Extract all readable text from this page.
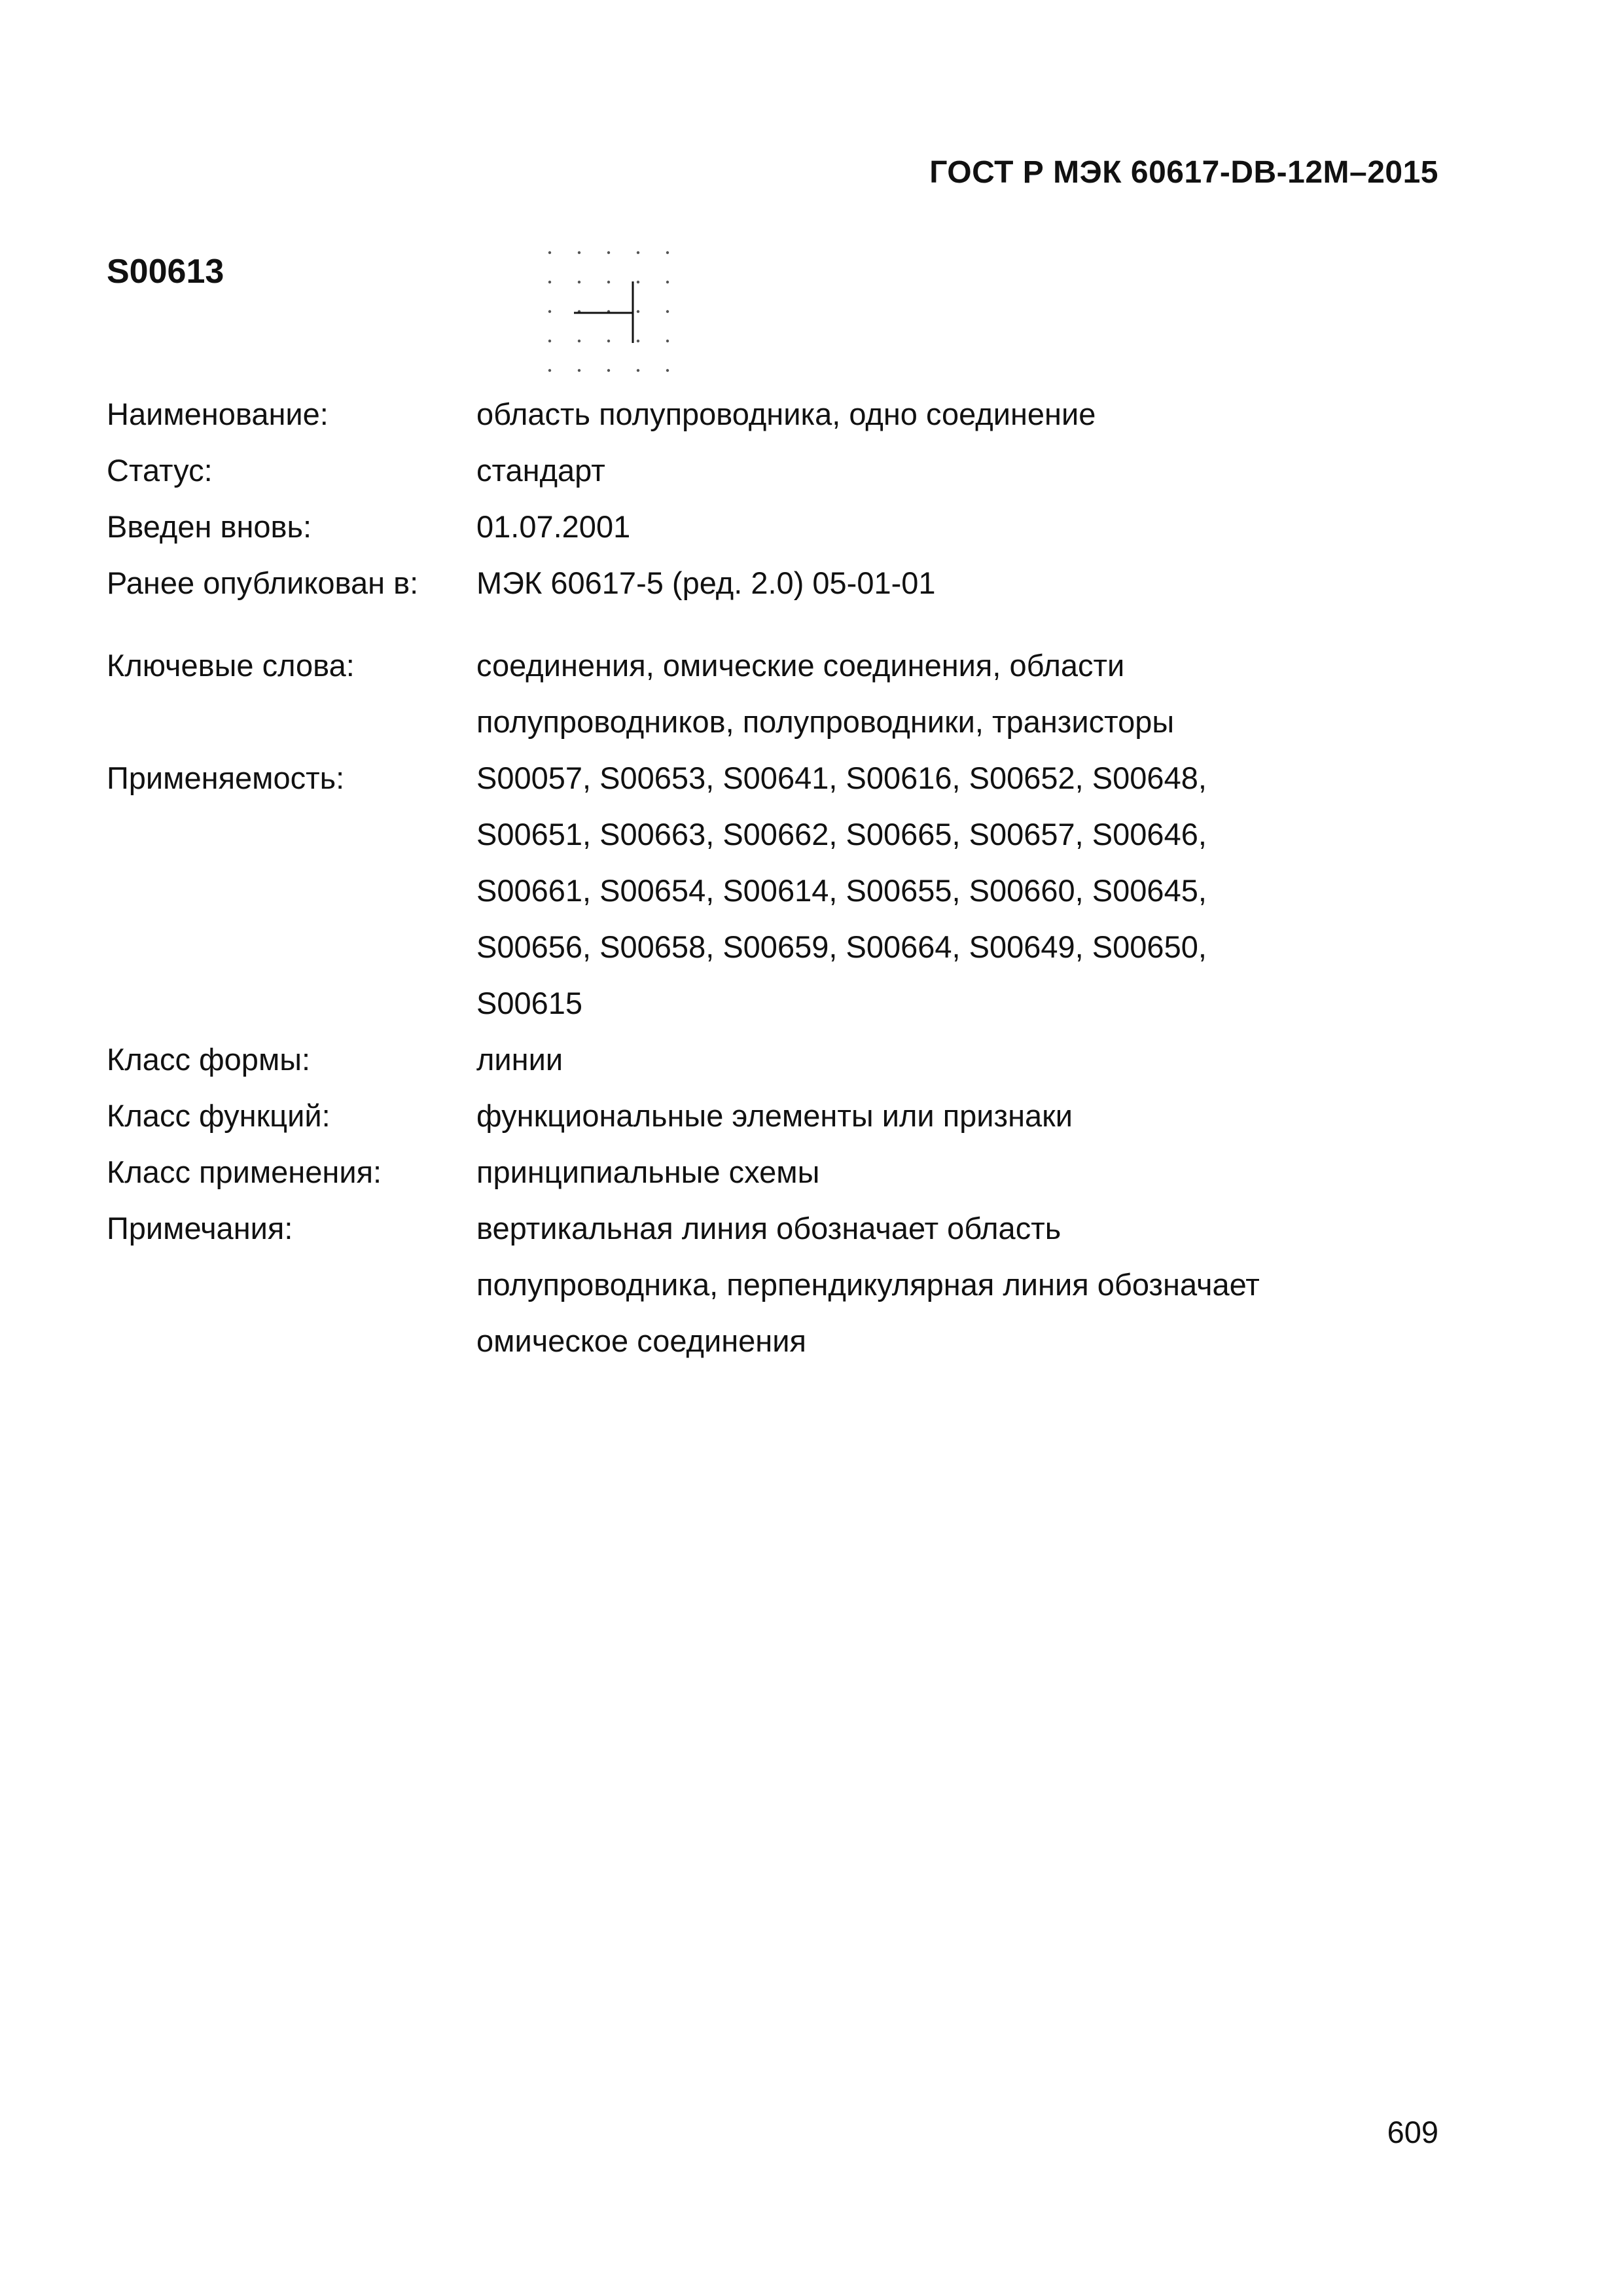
ГОСТ Р МЭК 60617-DB-12M–2015
S00613
Наименование:	область полупроводника, одно соединение
Статус:	стандарт
Введен вновь:	01.07.2001
Ранее опубликован в:	МЭК 60617-5 (ред. 2.0) 05-01-01
Ключевые слова:	соединения, омические соединения, области
полупроводников, полупроводники, транзисторы
Применяемость:	S00057, S00653, S00641, S00616, S00652, S00648,
S00651, S00663, S00662, S00665, S00657, S00646,
S00661, S00654, S00614, S00655, S00660, S00645,
S00656, S00658, S00659, S00664, S00649, S00650,
S00615
Класс формы:	линии
Класс функций:	функциональные элементы или признаки
Класс применения:	принципиальные схемы
Примечания:	вертикальная линия обозначает область
полупроводника, перпендикулярная линия обозначает
омическое соединения
609
